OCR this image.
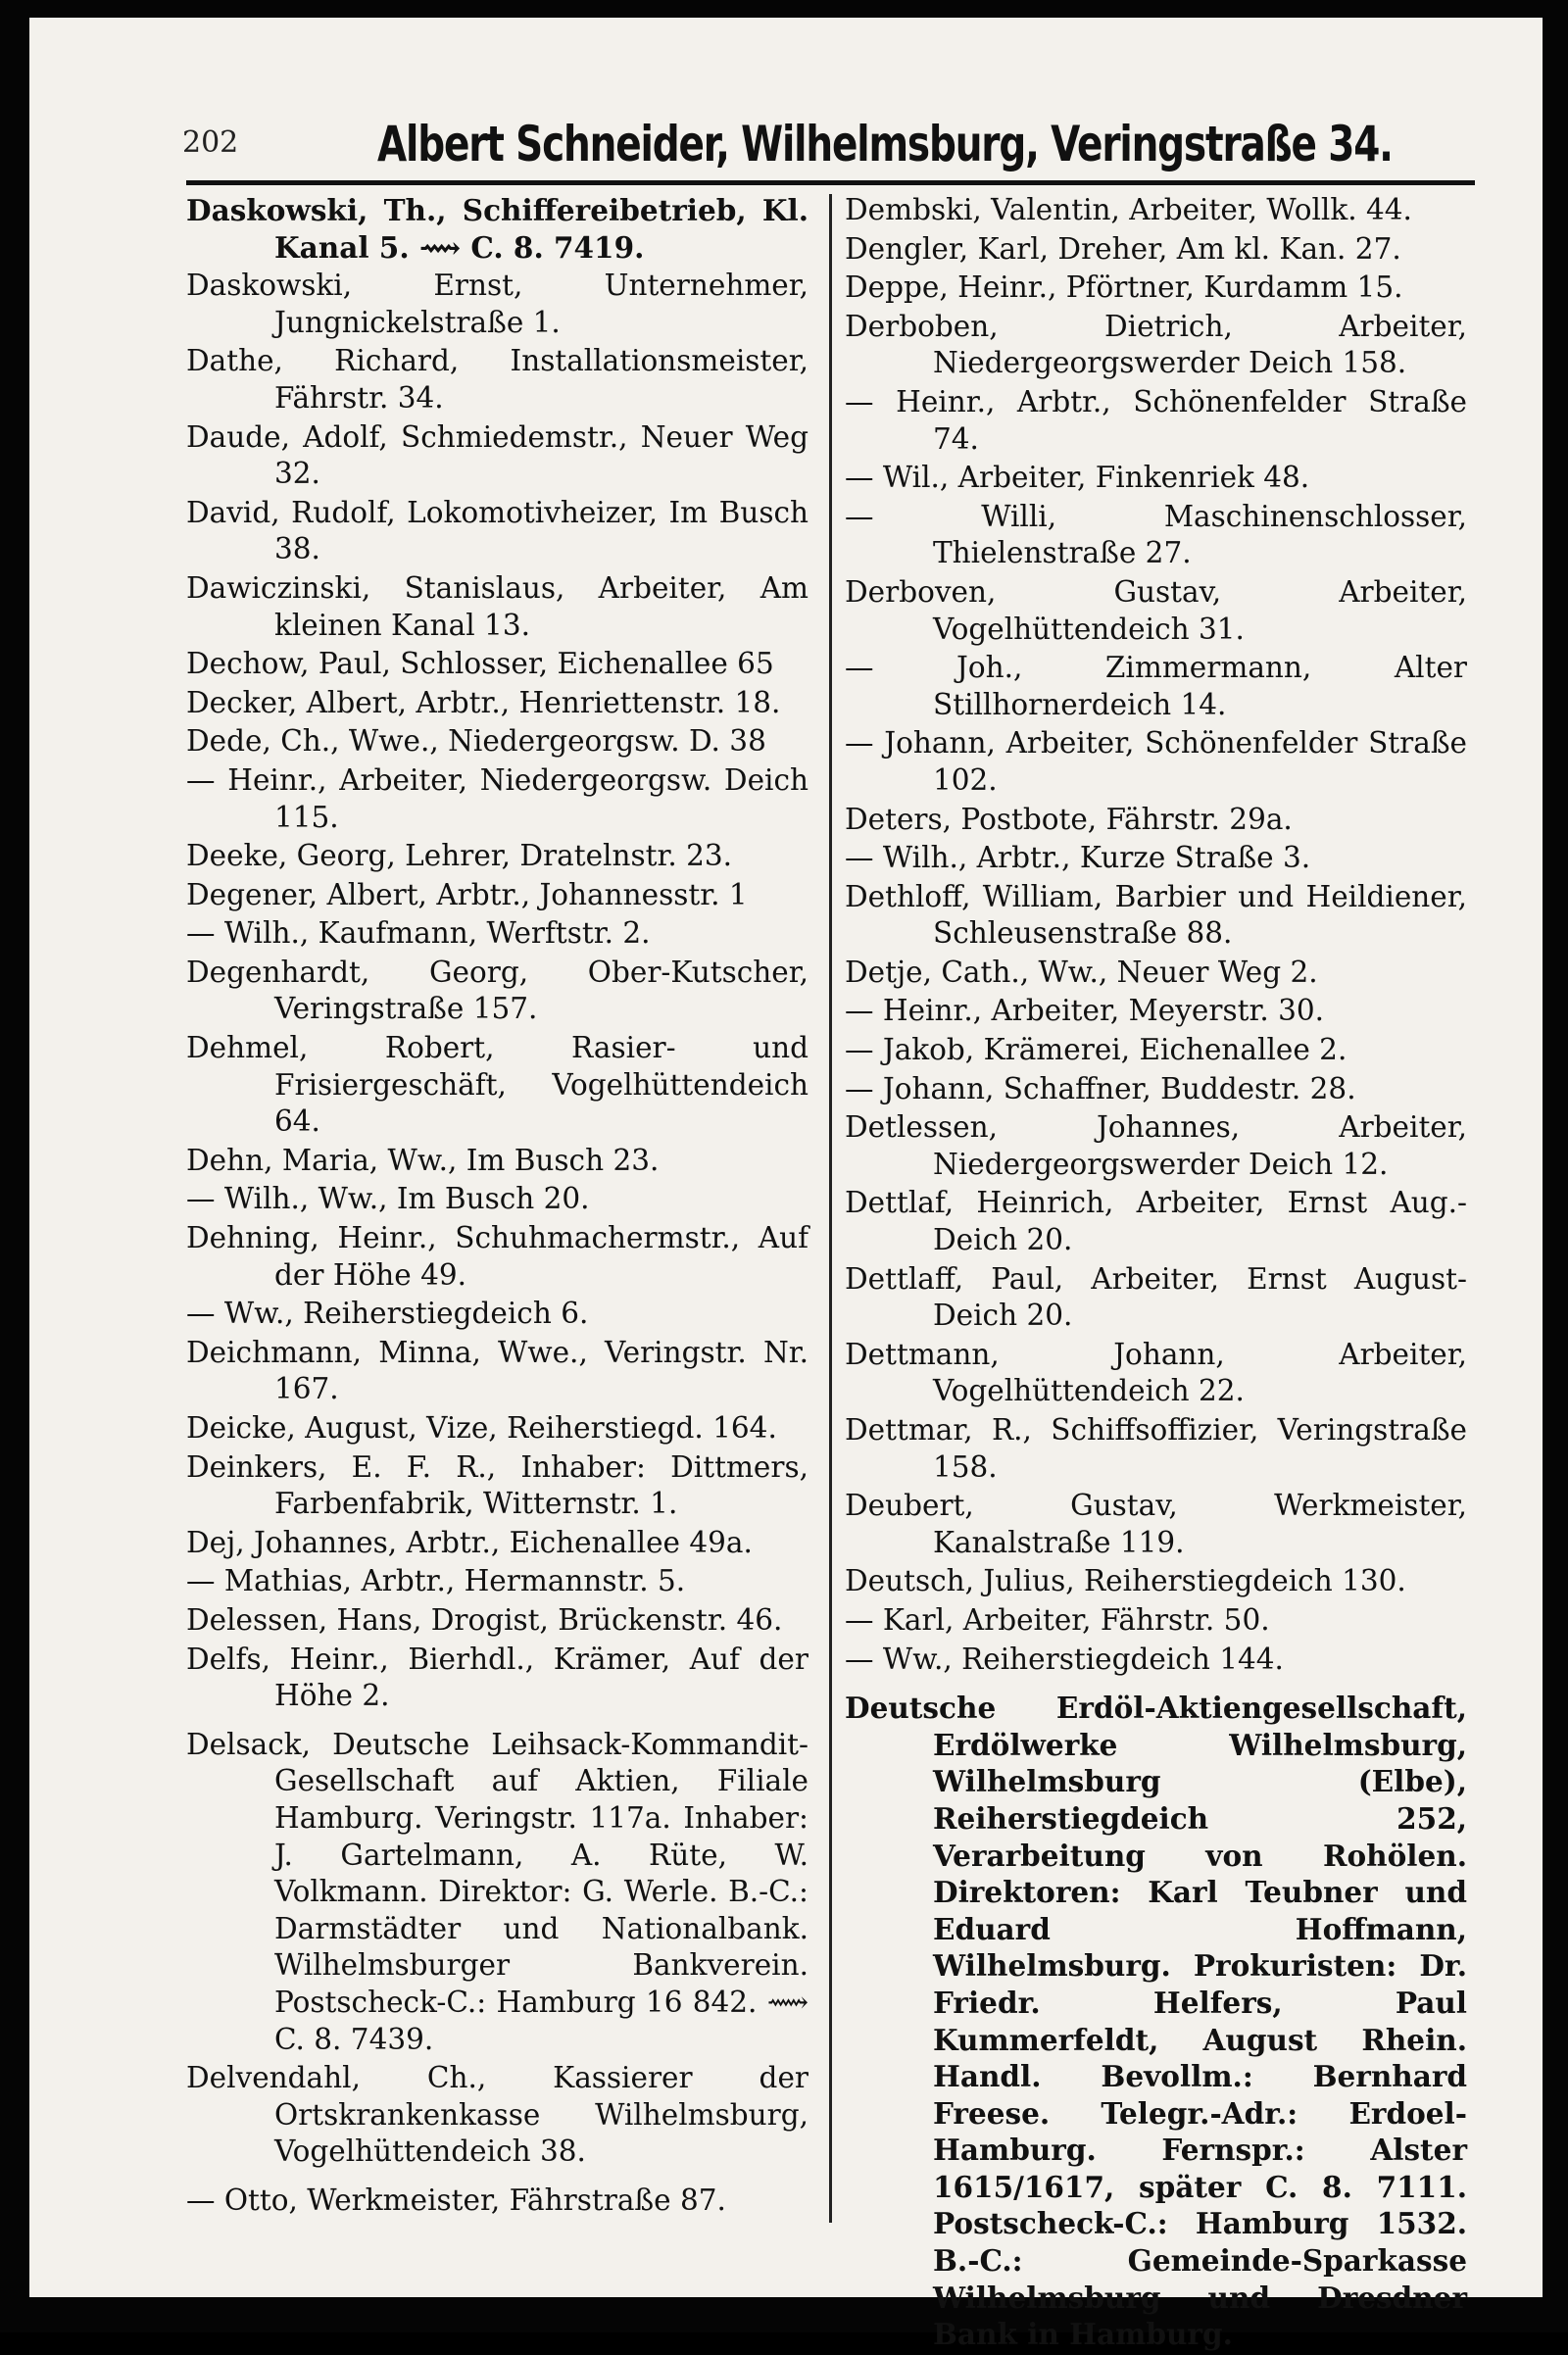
202	Albert Schneider, Wilhelmsburg, Veringstraße 34.
Daskowski, Th., Schiffereibetrieb, Kl. Kanal 5. ⟿ C. 8. 7419.
Daskowski, Ernst, Unternehmer, Jungnickelstraße 1.
Dathe, Richard, Installationsmeister, Fährstr. 34.
Daude, Adolf, Schmiedemstr., Neuer Weg 32.
David, Rudolf, Lokomotivheizer, Im Busch 38.
Dawiczinski, Stanislaus, Arbeiter, Am kleinen Kanal 13.
Dechow, Paul, Schlosser, Eichenallee 65
Decker, Albert, Arbtr., Henriettenstr. 18.
Dede, Ch., Wwe., Niedergeorgsw. D. 38
— Heinr., Arbeiter, Niedergeorgsw. Deich 115.
Deeke, Georg, Lehrer, Dratelnstr. 23.
Degener, Albert, Arbtr., Johannesstr. 1
— Wilh., Kaufmann, Werftstr. 2.
Degenhardt, Georg, Ober-Kutscher, Veringstraße 157.
Dehmel, Robert, Rasier- und Frisiergeschäft, Vogelhüttendeich 64.
Dehn, Maria, Ww., Im Busch 23.
— Wilh., Ww., Im Busch 20.
Dehning, Heinr., Schuhmachermstr., Auf der Höhe 49.
— Ww., Reiherstiegdeich 6.
Deichmann, Minna, Wwe., Veringstr. Nr. 167.
Deicke, August, Vize, Reiherstiegd. 164.
Deinkers, E. F. R., Inhaber: Dittmers, Farbenfabrik, Witternstr. 1.
Dej, Johannes, Arbtr., Eichenallee 49a.
— Mathias, Arbtr., Hermannstr. 5.
Delessen, Hans, Drogist, Brückenstr. 46.
Delfs, Heinr., Bierhdl., Krämer, Auf der Höhe 2.
Delsack, Deutsche Leihsack-Kommandit-Gesellschaft auf Aktien, Filiale Hamburg. Veringstr. 117a. Inhaber: J. Gartelmann, A. Rüte, W. Volkmann. Direktor: G. Werle. B.-C.: Darmstädter und Nationalbank. Wilhelmsburger Bankverein. Postscheck-C.: Hamburg 16 842. ⟿ C. 8. 7439.
Delvendahl, Ch., Kassierer der Ortskrankenkasse Wilhelmsburg, Vogelhüttendeich 38.
— Otto, Werkmeister, Fährstraße 87.
Dembski, Valentin, Arbeiter, Wollk. 44.
Dengler, Karl, Dreher, Am kl. Kan. 27.
Deppe, Heinr., Pförtner, Kurdamm 15.
Derboben, Dietrich, Arbeiter, Niedergeorgswerder Deich 158.
— Heinr., Arbtr., Schönenfelder Straße 74.
— Wil., Arbeiter, Finkenriek 48.
— Willi, Maschinenschlosser, Thielenstraße 27.
Derboven, Gustav, Arbeiter, Vogelhüttendeich 31.
— Joh., Zimmermann, Alter Stillhornerdeich 14.
— Johann, Arbeiter, Schönenfelder Straße 102.
Deters, Postbote, Fährstr. 29a.
— Wilh., Arbtr., Kurze Straße 3.
Dethloff, William, Barbier und Heildiener, Schleusenstraße 88.
Detje, Cath., Ww., Neuer Weg 2.
— Heinr., Arbeiter, Meyerstr. 30.
— Jakob, Krämerei, Eichenallee 2.
— Johann, Schaffner, Buddestr. 28.
Detlessen, Johannes, Arbeiter, Niedergeorgswerder Deich 12.
Dettlaf, Heinrich, Arbeiter, Ernst Aug.-Deich 20.
Dettlaff, Paul, Arbeiter, Ernst August-Deich 20.
Dettmann, Johann, Arbeiter, Vogelhüttendeich 22.
Dettmar, R., Schiffsoffizier, Veringstraße 158.
Deubert, Gustav, Werkmeister, Kanalstraße 119.
Deutsch, Julius, Reiherstiegdeich 130.
— Karl, Arbeiter, Fährstr. 50.
— Ww., Reiherstiegdeich 144.
Deutsche Erdöl-Aktiengesellschaft, Erdölwerke Wilhelmsburg, Wilhelmsburg (Elbe), Reiherstiegdeich 252, Verarbeitung von Rohölen. Direktoren: Karl Teubner und Eduard Hoffmann, Wilhelmsburg. Prokuristen: Dr. Friedr. Helfers, Paul Kummerfeldt, August Rhein. Handl. Bevollm.: Bernhard Freese. Telegr.-Adr.: Erdoel-Hamburg. Fernspr.: Alster 1615/1617, später C. 8. 7111. Postscheck-C.: Hamburg 1532. B.-C.: Gemeinde-Sparkasse Wilhelmsburg und Dresdner Bank in Hamburg.
